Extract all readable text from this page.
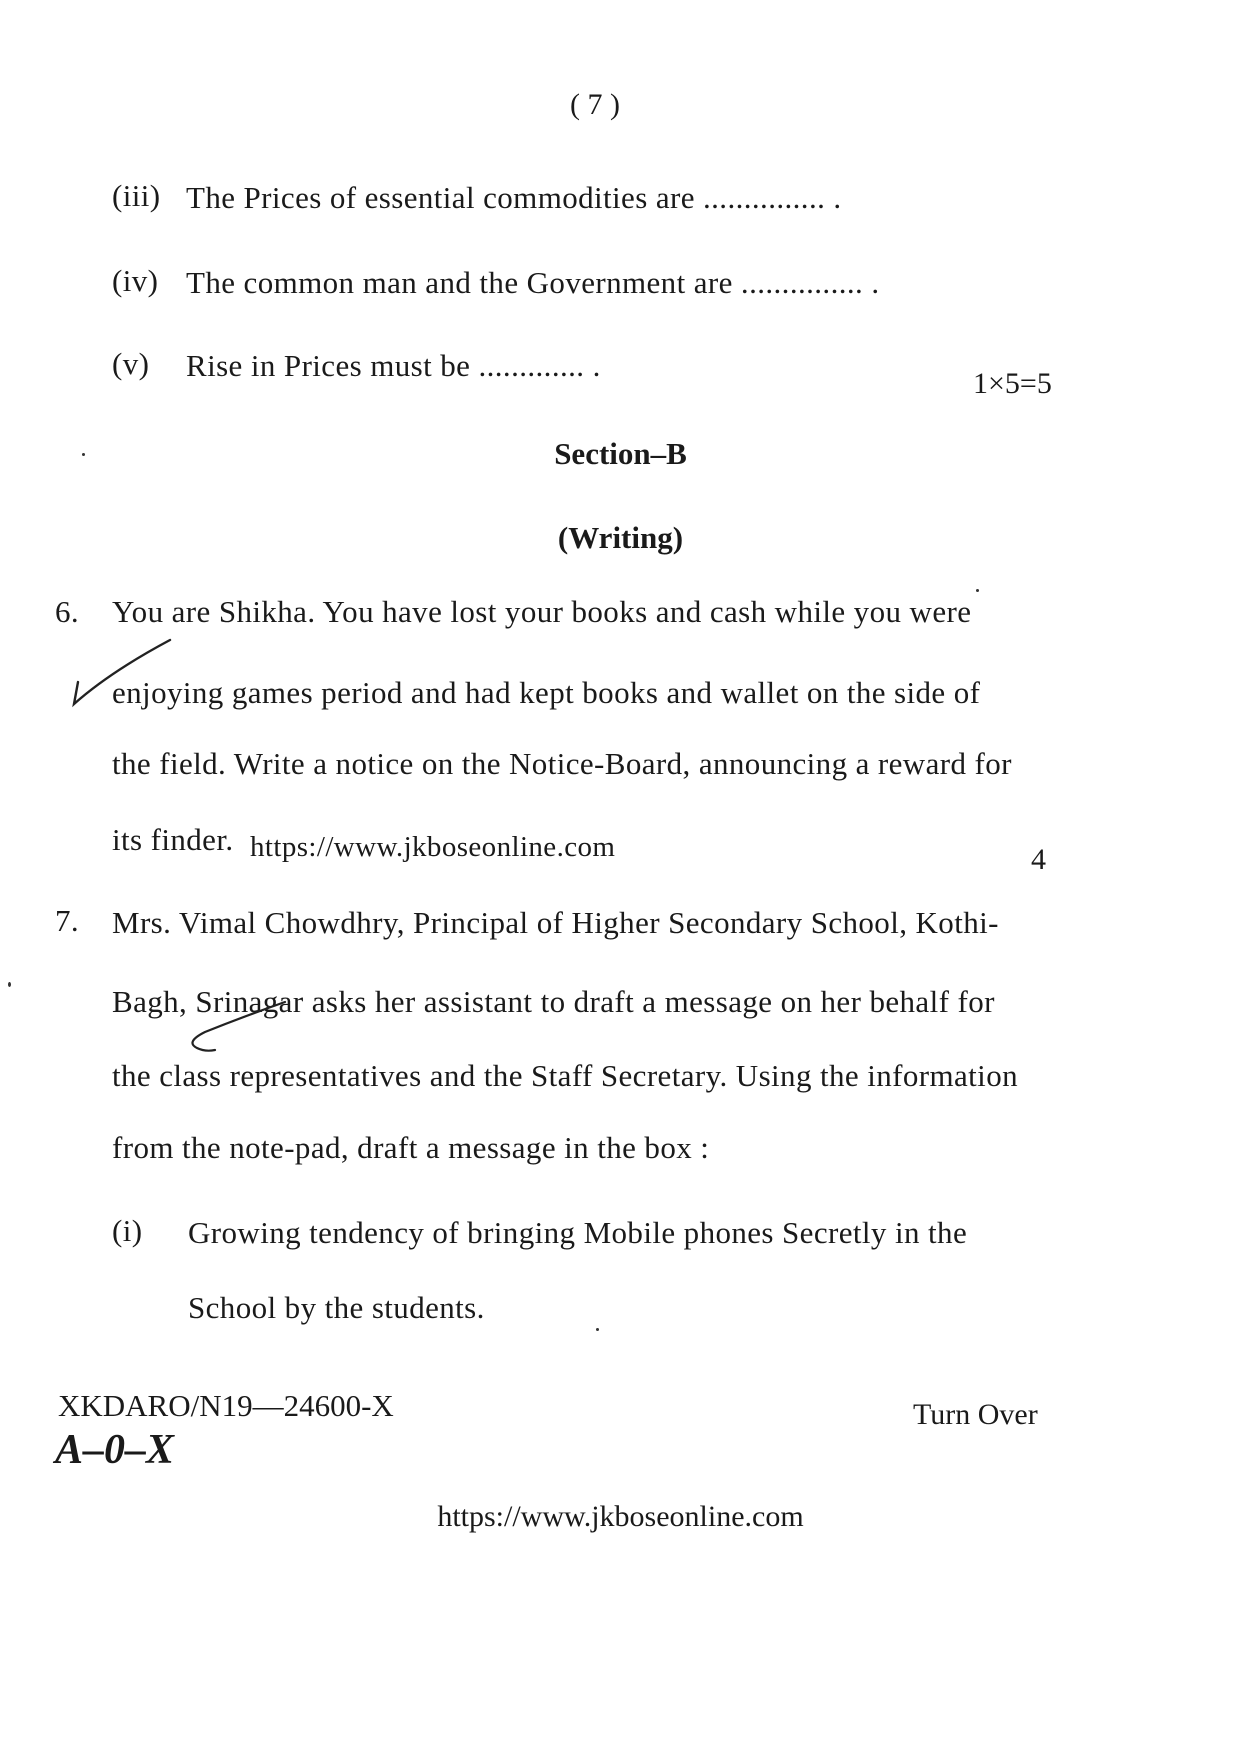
( 7 )
(iii) The Prices of essential commodities are ............... .
(iv) The common man and the Government are ............... .
(v) Rise in Prices must be ............. .
1×5=5
Section–B
(Writing)
6. You are Shikha. You have lost your books and cash while you were
enjoying games period and had kept books and wallet on the side of
the field. Write a notice on the Notice-Board, announcing a reward for
its finder. https://www.jkboseonline.com	4
7. Mrs. Vimal Chowdhry, Principal of Higher Secondary School, Kothi-
Bagh, Srinagar asks her assistant to draft a message on her behalf for
the class representatives and the Staff Secretary. Using the information
from the note-pad, draft a message in the box :
(i) Growing tendency of bringing Mobile phones Secretly in the
School by the students.
XKDARO/N19—24600-X
A–0–X
Turn Over
https://www.jkboseonline.com
